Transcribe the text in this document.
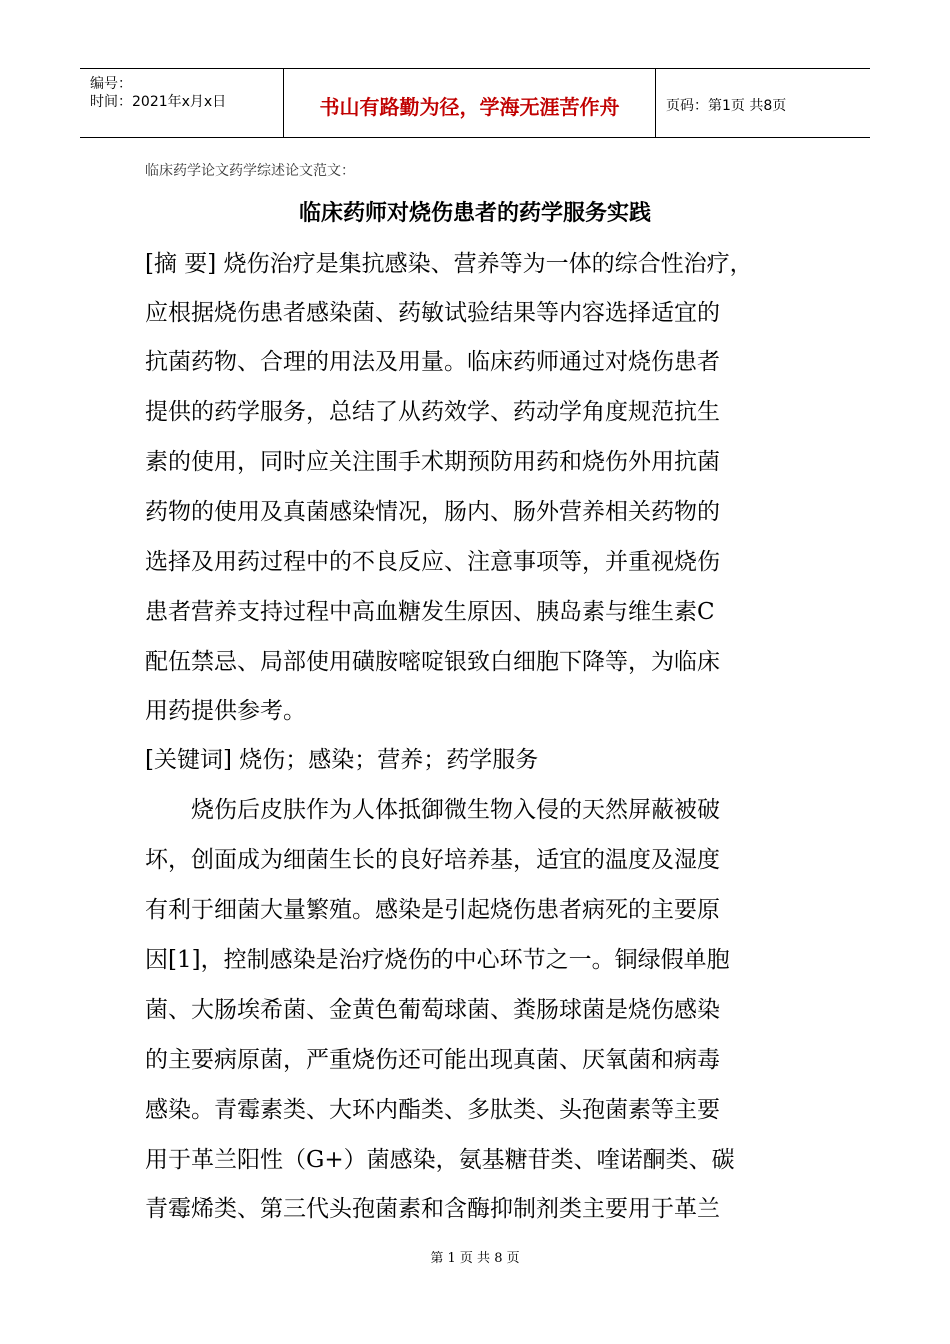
编号：
时间：2021年x月x日	书山有路勤为径，学海无涯苦作舟	页码：第1页 共8页
临床药学论文药学综述论文范文：
临床药师对烧伤患者的药学服务实践
[摘 要] 烧伤治疗是集抗感染、营养等为一体的综合性治疗，
应根据烧伤患者感染菌、药敏试验结果等内容选择适宜的
抗菌药物、合理的用法及用量。临床药师通过对烧伤患者
提供的药学服务，总结了从药效学、药动学角度规范抗生
素的使用，同时应关注围手术期预防用药和烧伤外用抗菌
药物的使用及真菌感染情况，肠内、肠外营养相关药物的
选择及用药过程中的不良反应、注意事项等，并重视烧伤
患者营养支持过程中高血糖发生原因、胰岛素与维生素C
配伍禁忌、局部使用磺胺嘧啶银致白细胞下降等，为临床
用药提供参考。
[关键词] 烧伤；感染；营养；药学服务
　　烧伤后皮肤作为人体抵御微生物入侵的天然屏蔽被破
坏，创面成为细菌生长的良好培养基，适宜的温度及湿度
有利于细菌大量繁殖。感染是引起烧伤患者病死的主要原
因[1]，控制感染是治疗烧伤的中心环节之一。铜绿假单胞
菌、大肠埃希菌、金黄色葡萄球菌、粪肠球菌是烧伤感染
的主要病原菌，严重烧伤还可能出现真菌、厌氧菌和病毒
感染。青霉素类、大环内酯类、多肽类、头孢菌素等主要
用于革兰阳性（G+）菌感染，氨基糖苷类、喹诺酮类、碳
青霉烯类、第三代头孢菌素和含酶抑制剂类主要用于革兰
第 1 页 共 8 页
